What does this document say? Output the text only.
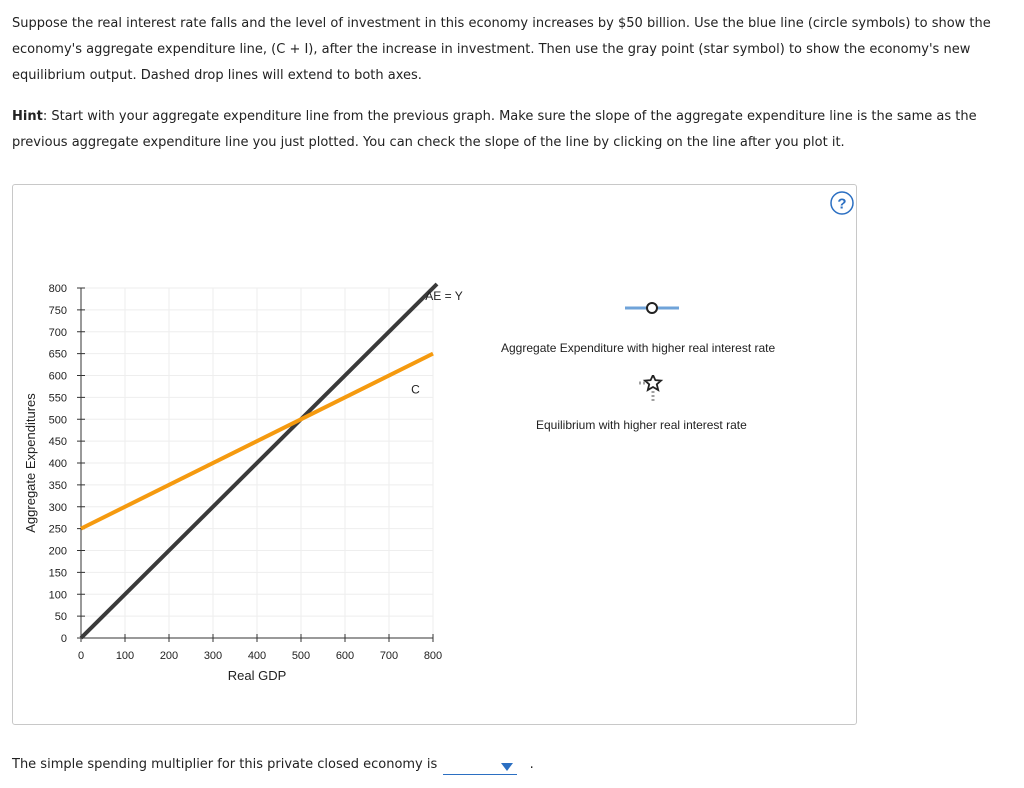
Suppose the real interest rate falls and the level of investment in this economy increases by $50 billion. Use the blue line (circle symbols) to show the economy's aggregate expenditure line, (C + I), after the increase in investment. Then use the gray point (star symbol) to show the economy's new equilibrium output. Dashed drop lines will extend to both axes.

Hint: Start with your aggregate expenditure line from the previous graph. Make sure the slope of the aggregate expenditure line is the same as the previous aggregate expenditure line you just plotted. You can check the slope of the line by clicking on the line after you plot it.

0	100 200 300 400 500 600 700 800
0
50
100
150
200
250
300
350
400
450
500
550
600
650
700
750
800
Real GDP
Aggregate Expenditures
AE = Y
C
?
Aggregate Expenditure with higher real interest rate
Equilibrium with higher real interest rate
The simple spending multiplier for this private closed economy is	.
